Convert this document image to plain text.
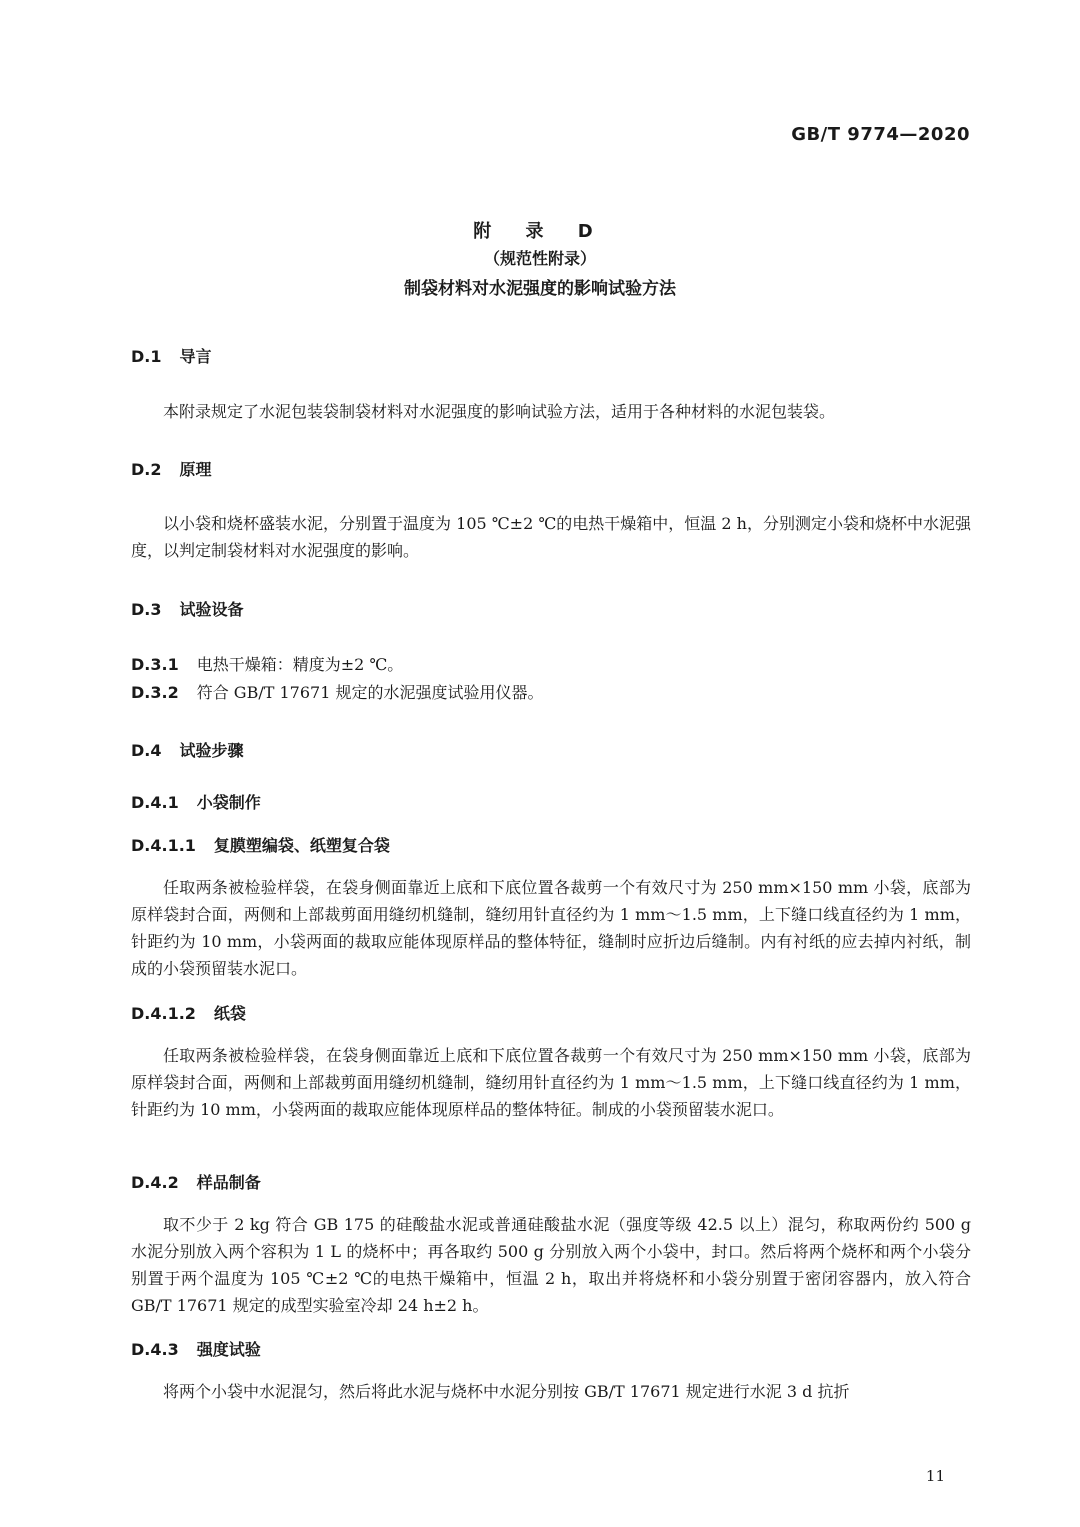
GB/T 9774—2020
附 录 D
（规范性附录）
制袋材料对水泥强度的影响试验方法
D.1 导言
本附录规定了水泥包装袋制袋材料对水泥强度的影响试验方法，适用于各种材料的水泥包装袋。
D.2 原理
以小袋和烧杯盛装水泥，分别置于温度为 105 ℃±2 ℃的电热干燥箱中，恒温 2 h，分别测定小袋和烧杯中水泥强度，以判定制袋材料对水泥强度的影响。
D.3 试验设备
D.3.1 电热干燥箱：精度为±2 ℃。
D.3.2 符合 GB/T 17671 规定的水泥强度试验用仪器。
D.4 试验步骤
D.4.1 小袋制作
D.4.1.1 复膜塑编袋、纸塑复合袋
任取两条被检验样袋，在袋身侧面靠近上底和下底位置各裁剪一个有效尺寸为 250 mm×150 mm 小袋，底部为原样袋封合面，两侧和上部裁剪面用缝纫机缝制，缝纫用针直径约为 1 mm～1.5 mm，上下缝口线直径约为 1 mm，针距约为 10 mm，小袋两面的裁取应能体现原样品的整体特征，缝制时应折边后缝制。内有衬纸的应去掉内衬纸，制成的小袋预留装水泥口。
D.4.1.2 纸袋
任取两条被检验样袋，在袋身侧面靠近上底和下底位置各裁剪一个有效尺寸为 250 mm×150 mm 小袋，底部为原样袋封合面，两侧和上部裁剪面用缝纫机缝制，缝纫用针直径约为 1 mm～1.5 mm，上下缝口线直径约为 1 mm，针距约为 10 mm，小袋两面的裁取应能体现原样品的整体特征。制成的小袋预留装水泥口。
D.4.2 样品制备
取不少于 2 kg 符合 GB 175 的硅酸盐水泥或普通硅酸盐水泥（强度等级 42.5 以上）混匀，称取两份约 500 g 水泥分别放入两个容积为 1 L 的烧杯中；再各取约 500 g 分别放入两个小袋中，封口。然后将两个烧杯和两个小袋分别置于两个温度为 105 ℃±2 ℃的电热干燥箱中，恒温 2 h，取出并将烧杯和小袋分别置于密闭容器内，放入符合 GB/T 17671 规定的成型实验室冷却 24 h±2 h。
D.4.3 强度试验
将两个小袋中水泥混匀，然后将此水泥与烧杯中水泥分别按 GB/T 17671 规定进行水泥 3 d 抗折
11
